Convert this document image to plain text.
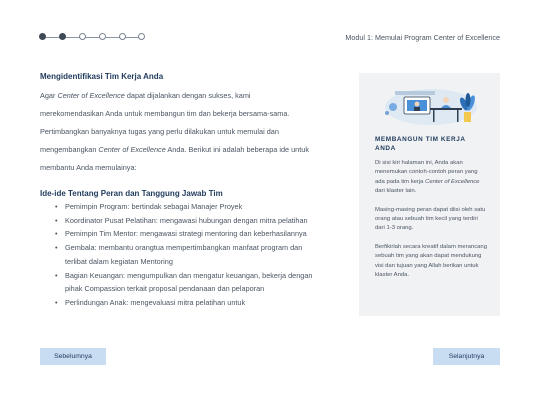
Modul 1: Memulai Program Center of Excellence
Mengidentifikasi Tim Kerja Anda

Agar Center of Excellence dapat dijalankan dengan sukses, kami merekomendasikan Anda untuk membangun tim dan bekerja bersama-sama. Pertimbangkan banyaknya tugas yang perlu dilakukan untuk memulai dan mengembangkan Center of Excellence Anda. Berikut ini adalah beberapa ide untuk membantu Anda memulainya:

Ide-ide Tentang Peran dan Tanggung Jawab Tim
• Pemimpin Program: bertindak sebagai Manajer Proyek
• Koordinator Pusat Pelatihan: mengawasi hubungan dengan mitra pelatihan
• Pemimpin Tim Mentor: mengawasi strategi mentoring dan keberhasilannya
• Gembala: membantu orangtua mempertimbangkan manfaat program dan terlibat dalam kegiatan Mentoring
• Bagian Keuangan: mengumpulkan dan mengatur keuangan, bekerja dengan pihak Compassion terkait proposal pendanaan dan pelaporan
• Perlindungan Anak: mengevaluasi mitra pelatihan untuk
MEMBANGUN TIM KERJA ANDA

Di sisi kiri halaman ini, Anda akan menemukan contoh-contoh peran yang ada pada tim kerja Center of Excellence dari klaster lain.

Masing-masing peran dapat diisi oleh satu orang atau sebuah tim kecil yang terdiri dari 1-3 orang.

Berfikirlah secara kreatif dalam merancang sebuah tim yang akan dapat mendukung visi dan tujuan yang Allah berikan untuk klaster Anda.

Sebelumnya	Selanjutnya
